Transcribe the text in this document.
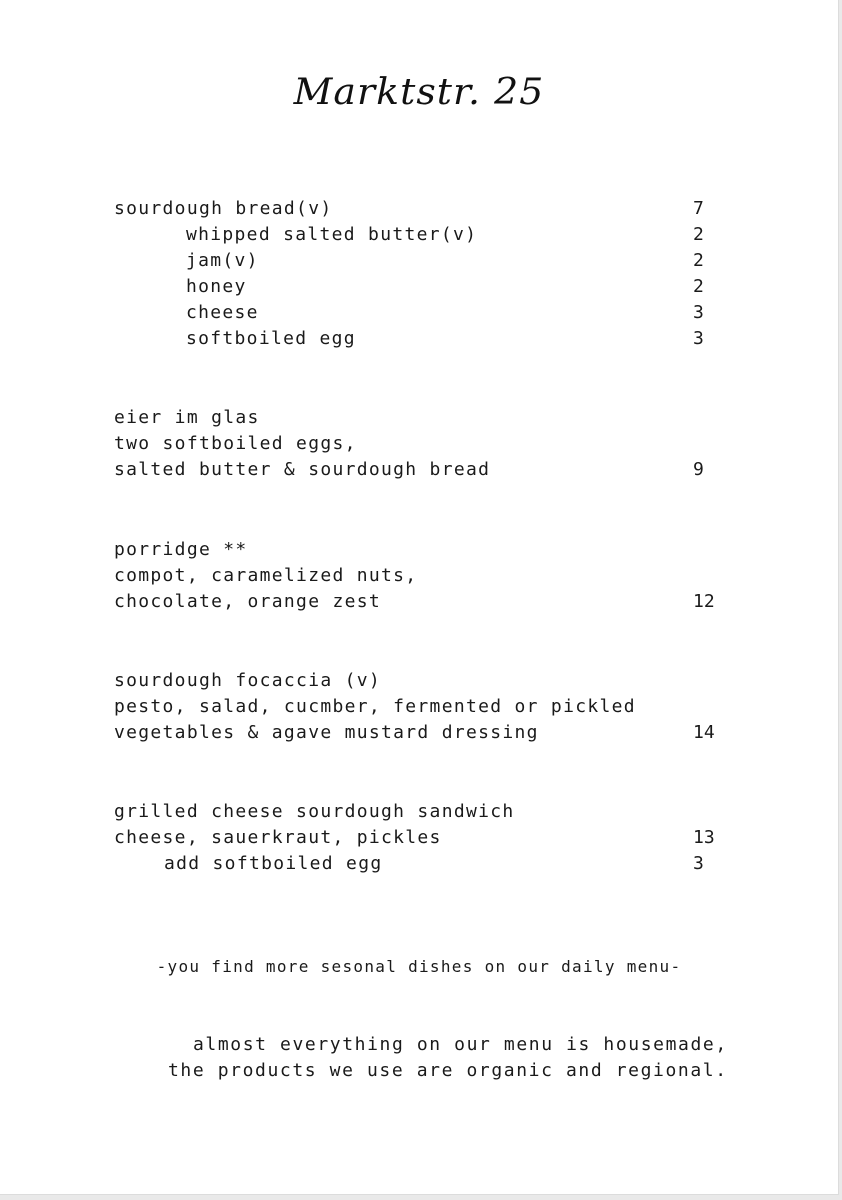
Marktstr. 25
sourdough bread(v)	7
whipped salted butter(v)	2
jam(v)	2
honey	2
cheese	3
softboiled egg	3
eier im glas
two softboiled eggs,
salted butter & sourdough bread	9
porridge **
compot, caramelized nuts,
chocolate, orange zest	12
sourdough focaccia (v)
pesto, salad, cucmber, fermented or pickled
vegetables & agave mustard dressing	14
grilled cheese sourdough sandwich
cheese, sauerkraut, pickles	13
add softboiled egg	3
-you find more sesonal dishes on our daily menu-
almost everything on our menu is housemade,
the products we use are organic and regional.
